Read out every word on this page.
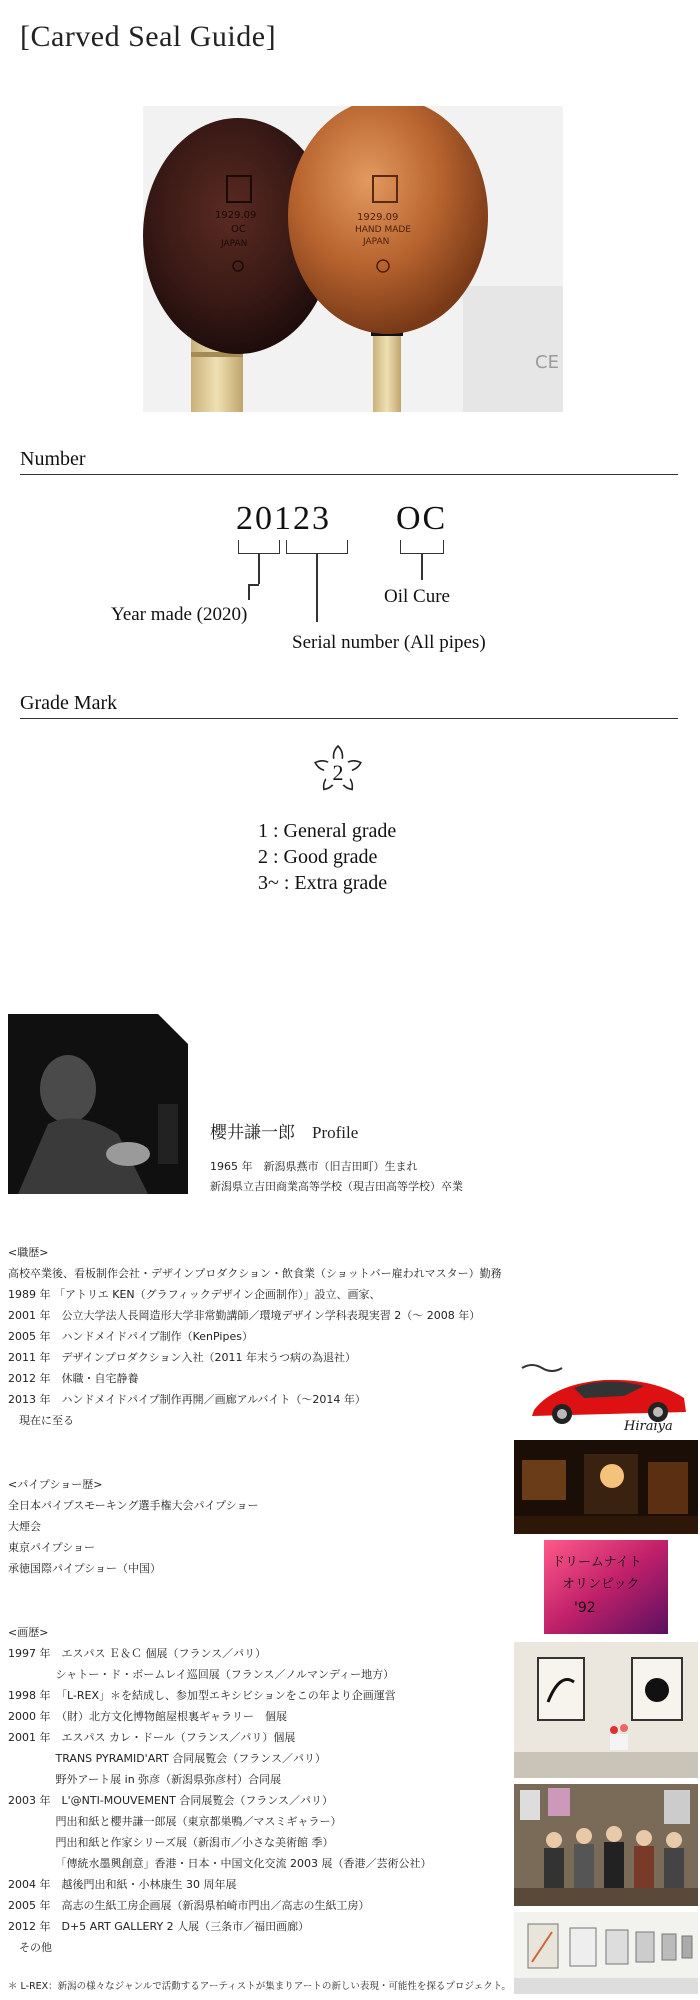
[Carved Seal Guide]
CE
1929.09
OC
JAPAN
1929.09
HAND MADE
JAPAN
Number
20123 OC
Oil Cure
Year made (2020)
Serial number (All pipes)
Grade Mark
2
1 : General grade
2 : Good grade
3~ : Extra grade
櫻井謙一郎　Profile
1965 年　新潟県燕市（旧吉田町）生まれ
新潟県立吉田商業高等学校（現吉田高等学校）卒業
<職歴>
高校卒業後、看板制作会社・デザインプロダクション・飲食業（ショットバー雇われマスター）勤務
1989 年 「アトリエ KEN（グラフィックデザイン企画制作）」設立、画家、
2001 年　公立大学法人長岡造形大学非常勤講師／環境デザイン学科表現実習 2（〜 2008 年）
2005 年　ハンドメイドパイプ制作（KenPipes）
2011 年　デザインプロダクション入社（2011 年末うつ病の為退社）
2012 年　休職・自宅静養
2013 年　ハンドメイドパイプ制作再開／画廊アルバイト（〜2014 年）
　現在に至る
<パイプショー歴>
全日本パイプスモーキング選手権大会パイプショー
大煙会
東京パイプショー
承徳国際パイプショー（中国）
<画歴>
1997 年　エスパス Ｅ＆Ｃ 個展（フランス／パリ）
　　　　 シャトー・ド・ボームレイ巡回展（フランス／ノルマンディー地方）
1998 年　「L-REX」＊を結成し、参加型エキシビションをこの年より企画運営
2000 年　（財）北方文化博物館屋根裏ギャラリー　個展
2001 年　エスパス カレ・ドール（フランス／パリ）個展
　　　　 TRANS PYRAMID'ART 合同展覧会（フランス／パリ）
　　　　 野外アート展 in 弥彦（新潟県弥彦村）合同展
2003 年　L'@NTI-MOUVEMENT 合同展覧会（フランス／パリ）
　　　　 門出和紙と櫻井謙一郎展（東京都巣鴨／マスミギャラー）
　　　　 門出和紙と作家シリーズ展（新潟市／小さな美術館 季）
　　　　 「傳統水墨興創意」香港・日本・中国文化交流 2003 展（香港／芸術公社）
2004 年　越後門出和紙・小林康生 30 周年展
2005 年　高志の生紙工房企画展（新潟県柏崎市門出／高志の生紙工房）
2012 年　D+5 ART GALLERY 2 人展（三条市／福田画廊）
　その他
＊ L-REX：新潟の様々なジャンルで活動するアーティストが集まりアートの新しい表現・可能性を探るプロジェクト。
Hiraiya
ドリームナイト
オリンピック
'92
